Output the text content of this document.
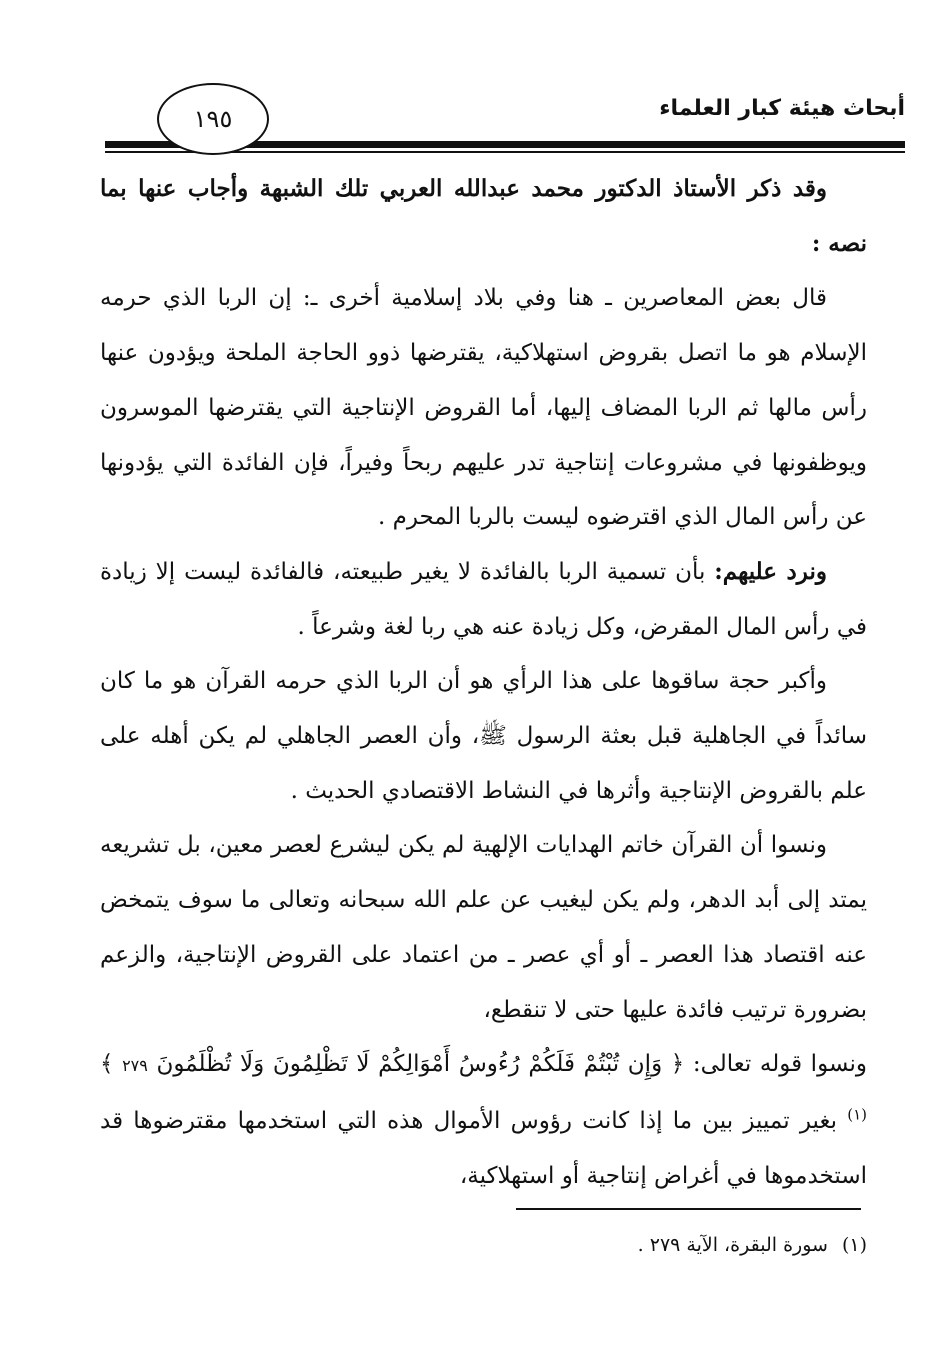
أبحاث هيئة كبار العلماء
١٩٥

وقد ذكر الأستاذ الدكتور محمد عبدالله العربي تلك الشبهة وأجاب عنها بما نصه :

قال بعض المعاصرين ـ هنا وفي بلاد إسلامية أخرى ـ: إن الربا الذي حرمه الإسلام هو ما اتصل بقروض استهلاكية، يقترضها ذوو الحاجة الملحة ويؤدون عنها رأس مالها ثم الربا المضاف إليها، أما القروض الإنتاجية التي يقترضها الموسرون ويوظفونها في مشروعات إنتاجية تدر عليهم ربحاً وفيراً، فإن الفائدة التي يؤدونها عن رأس المال الذي اقترضوه ليست بالربا المحرم .

ونرد عليهم: بأن تسمية الربا بالفائدة لا يغير طبيعته، فالفائدة ليست إلا زيادة في رأس المال المقرض، وكل زيادة عنه هي ربا لغة وشرعاً .

وأكبر حجة ساقوها على هذا الرأي هو أن الربا الذي حرمه القرآن هو ما كان سائداً في الجاهلية قبل بعثة الرسول ﷺ، وأن العصر الجاهلي لم يكن أهله على علم بالقروض الإنتاجية وأثرها في النشاط الاقتصادي الحديث .

ونسوا أن القرآن خاتم الهدايات الإلهية لم يكن ليشرع لعصر معين، بل تشريعه يمتد إلى أبد الدهر، ولم يكن ليغيب عن علم الله سبحانه وتعالى ما سوف يتمخض عنه اقتصاد هذا العصر ـ أو أي عصر ـ من اعتماد على القروض الإنتاجية، والزعم بضرورة ترتيب فائدة عليها حتى لا تنقطع،

ونسوا قوله تعالى: ﴿ وَإِن تُبْتُمْ فَلَكُمْ رُءُوسُ أَمْوَالِكُمْ لَا تَظْلِمُونَ وَلَا تُظْلَمُونَ ٢٧٩ ﴾$^{(١)}$ بغير تمييز بين ما إذا كانت رؤوس الأموال هذه التي استخدمها مقترضوها قد استخدموها في أغراض إنتاجية أو استهلاكية،

(١)سورة البقرة، الآية ٢٧٩ .
